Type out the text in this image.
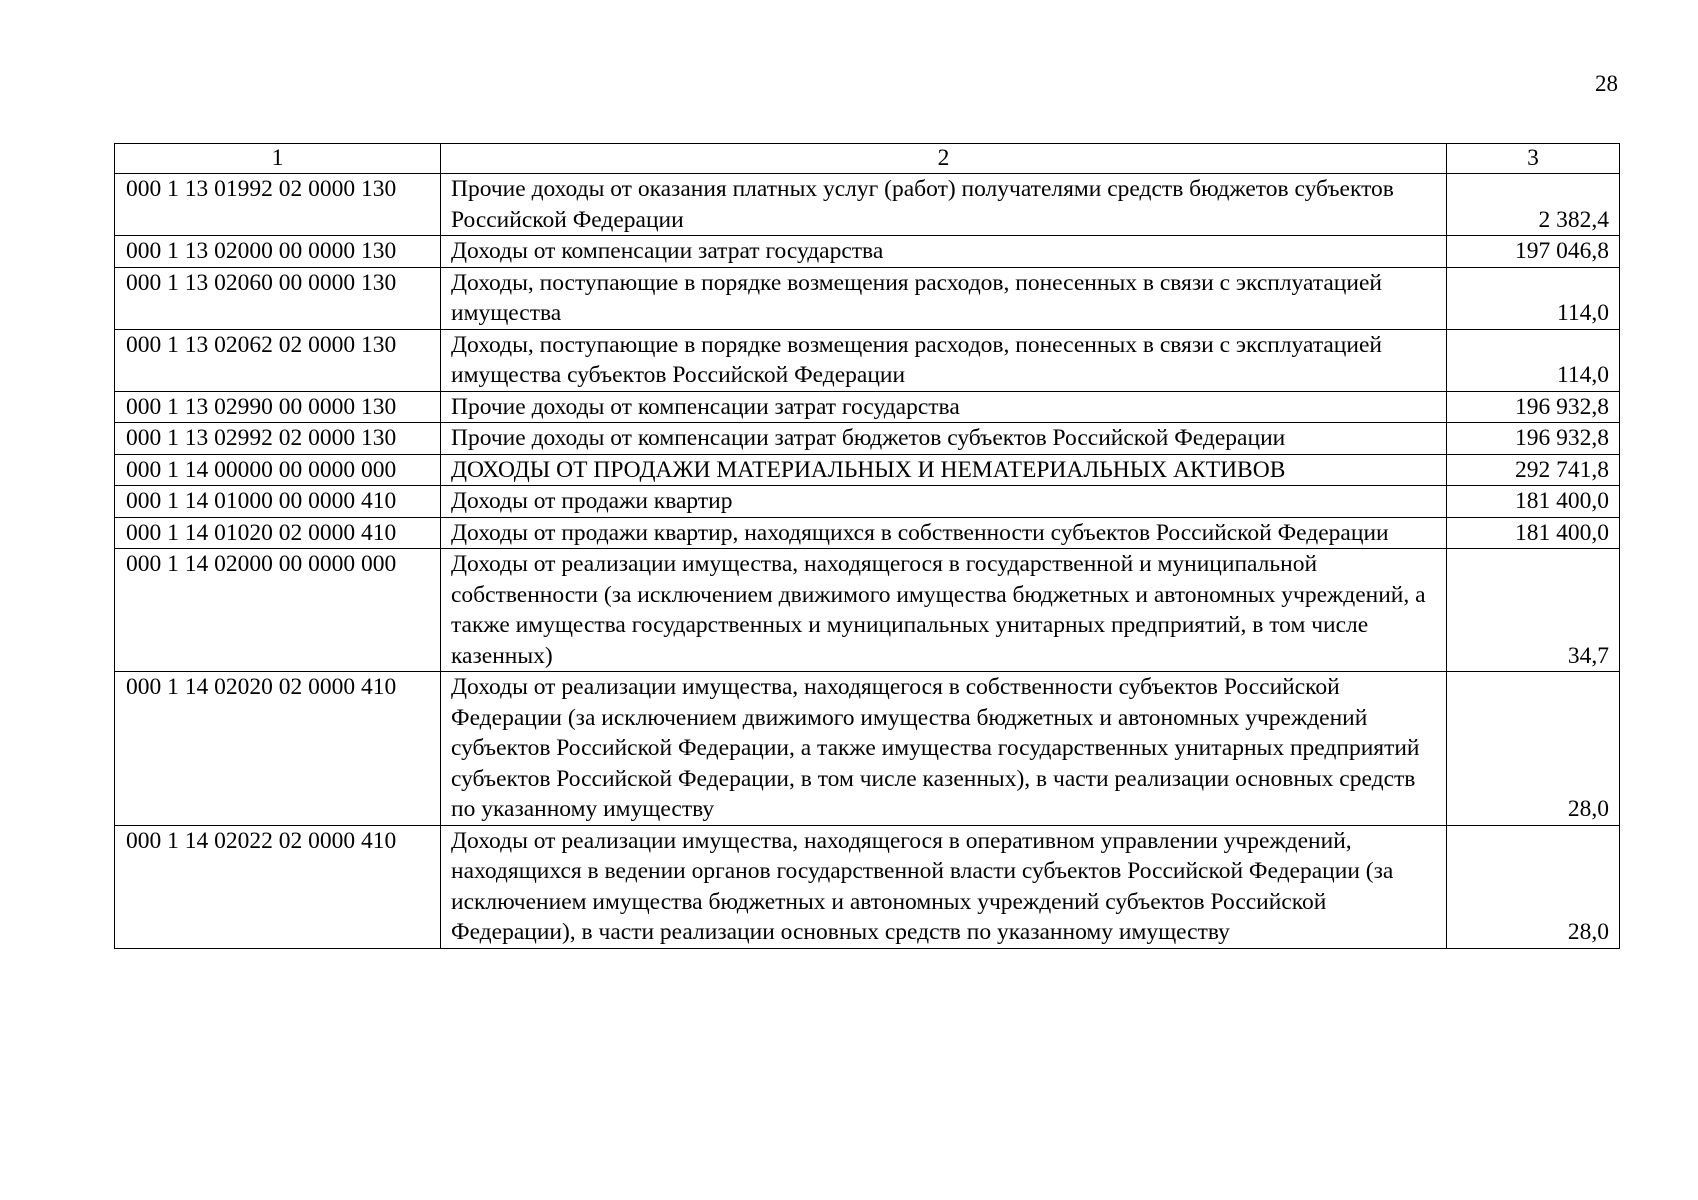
28
1	2	3
000 1 13 01992 02 0000 130	Прочие доходы от оказания платных услуг (работ) получателями средств бюджетов субъектов Российской Федерации	2 382,4
000 1 13 02000 00 0000 130	Доходы от компенсации затрат государства	197 046,8
000 1 13 02060 00 0000 130	Доходы, поступающие в порядке возмещения расходов, понесенных в связи с эксплуатацией имущества	114,0
000 1 13 02062 02 0000 130	Доходы, поступающие в порядке возмещения расходов, понесенных в связи с эксплуатацией имущества субъектов Российской Федерации	114,0
000 1 13 02990 00 0000 130	Прочие доходы от компенсации затрат государства	196 932,8
000 1 13 02992 02 0000 130	Прочие доходы от компенсации затрат бюджетов субъектов Российской Федерации	196 932,8
000 1 14 00000 00 0000 000	ДОХОДЫ ОТ ПРОДАЖИ МАТЕРИАЛЬНЫХ И НЕМАТЕРИАЛЬНЫХ АКТИВОВ	292 741,8
000 1 14 01000 00 0000 410	Доходы от продажи квартир	181 400,0
000 1 14 01020 02 0000 410	Доходы от продажи квартир, находящихся в собственности субъектов Российской Федерации	181 400,0
000 1 14 02000 00 0000 000	Доходы от реализации имущества, находящегося в государственной и муниципальной собственности (за исключением движимого имущества бюджетных и автономных учреждений, а также имущества государственных и муниципальных унитарных предприятий, в том числе казенных)	34,7
000 1 14 02020 02 0000 410	Доходы от реализации имущества, находящегося в собственности субъектов Российской Федерации (за исключением движимого имущества бюджетных и автономных учреждений субъектов Российской Федерации, а также имущества государственных унитарных предприятий субъектов Российской Федерации, в том числе казенных), в части реализации основных средств по указанному имуществу	28,0
000 1 14 02022 02 0000 410	Доходы от реализации имущества, находящегося в оперативном управлении учреждений, находящихся в ведении органов государственной власти субъектов Российской Федерации (за исключением имущества бюджетных и автономных учреждений субъектов Российской Федерации), в части реализации основных средств по указанному имуществу	28,0
